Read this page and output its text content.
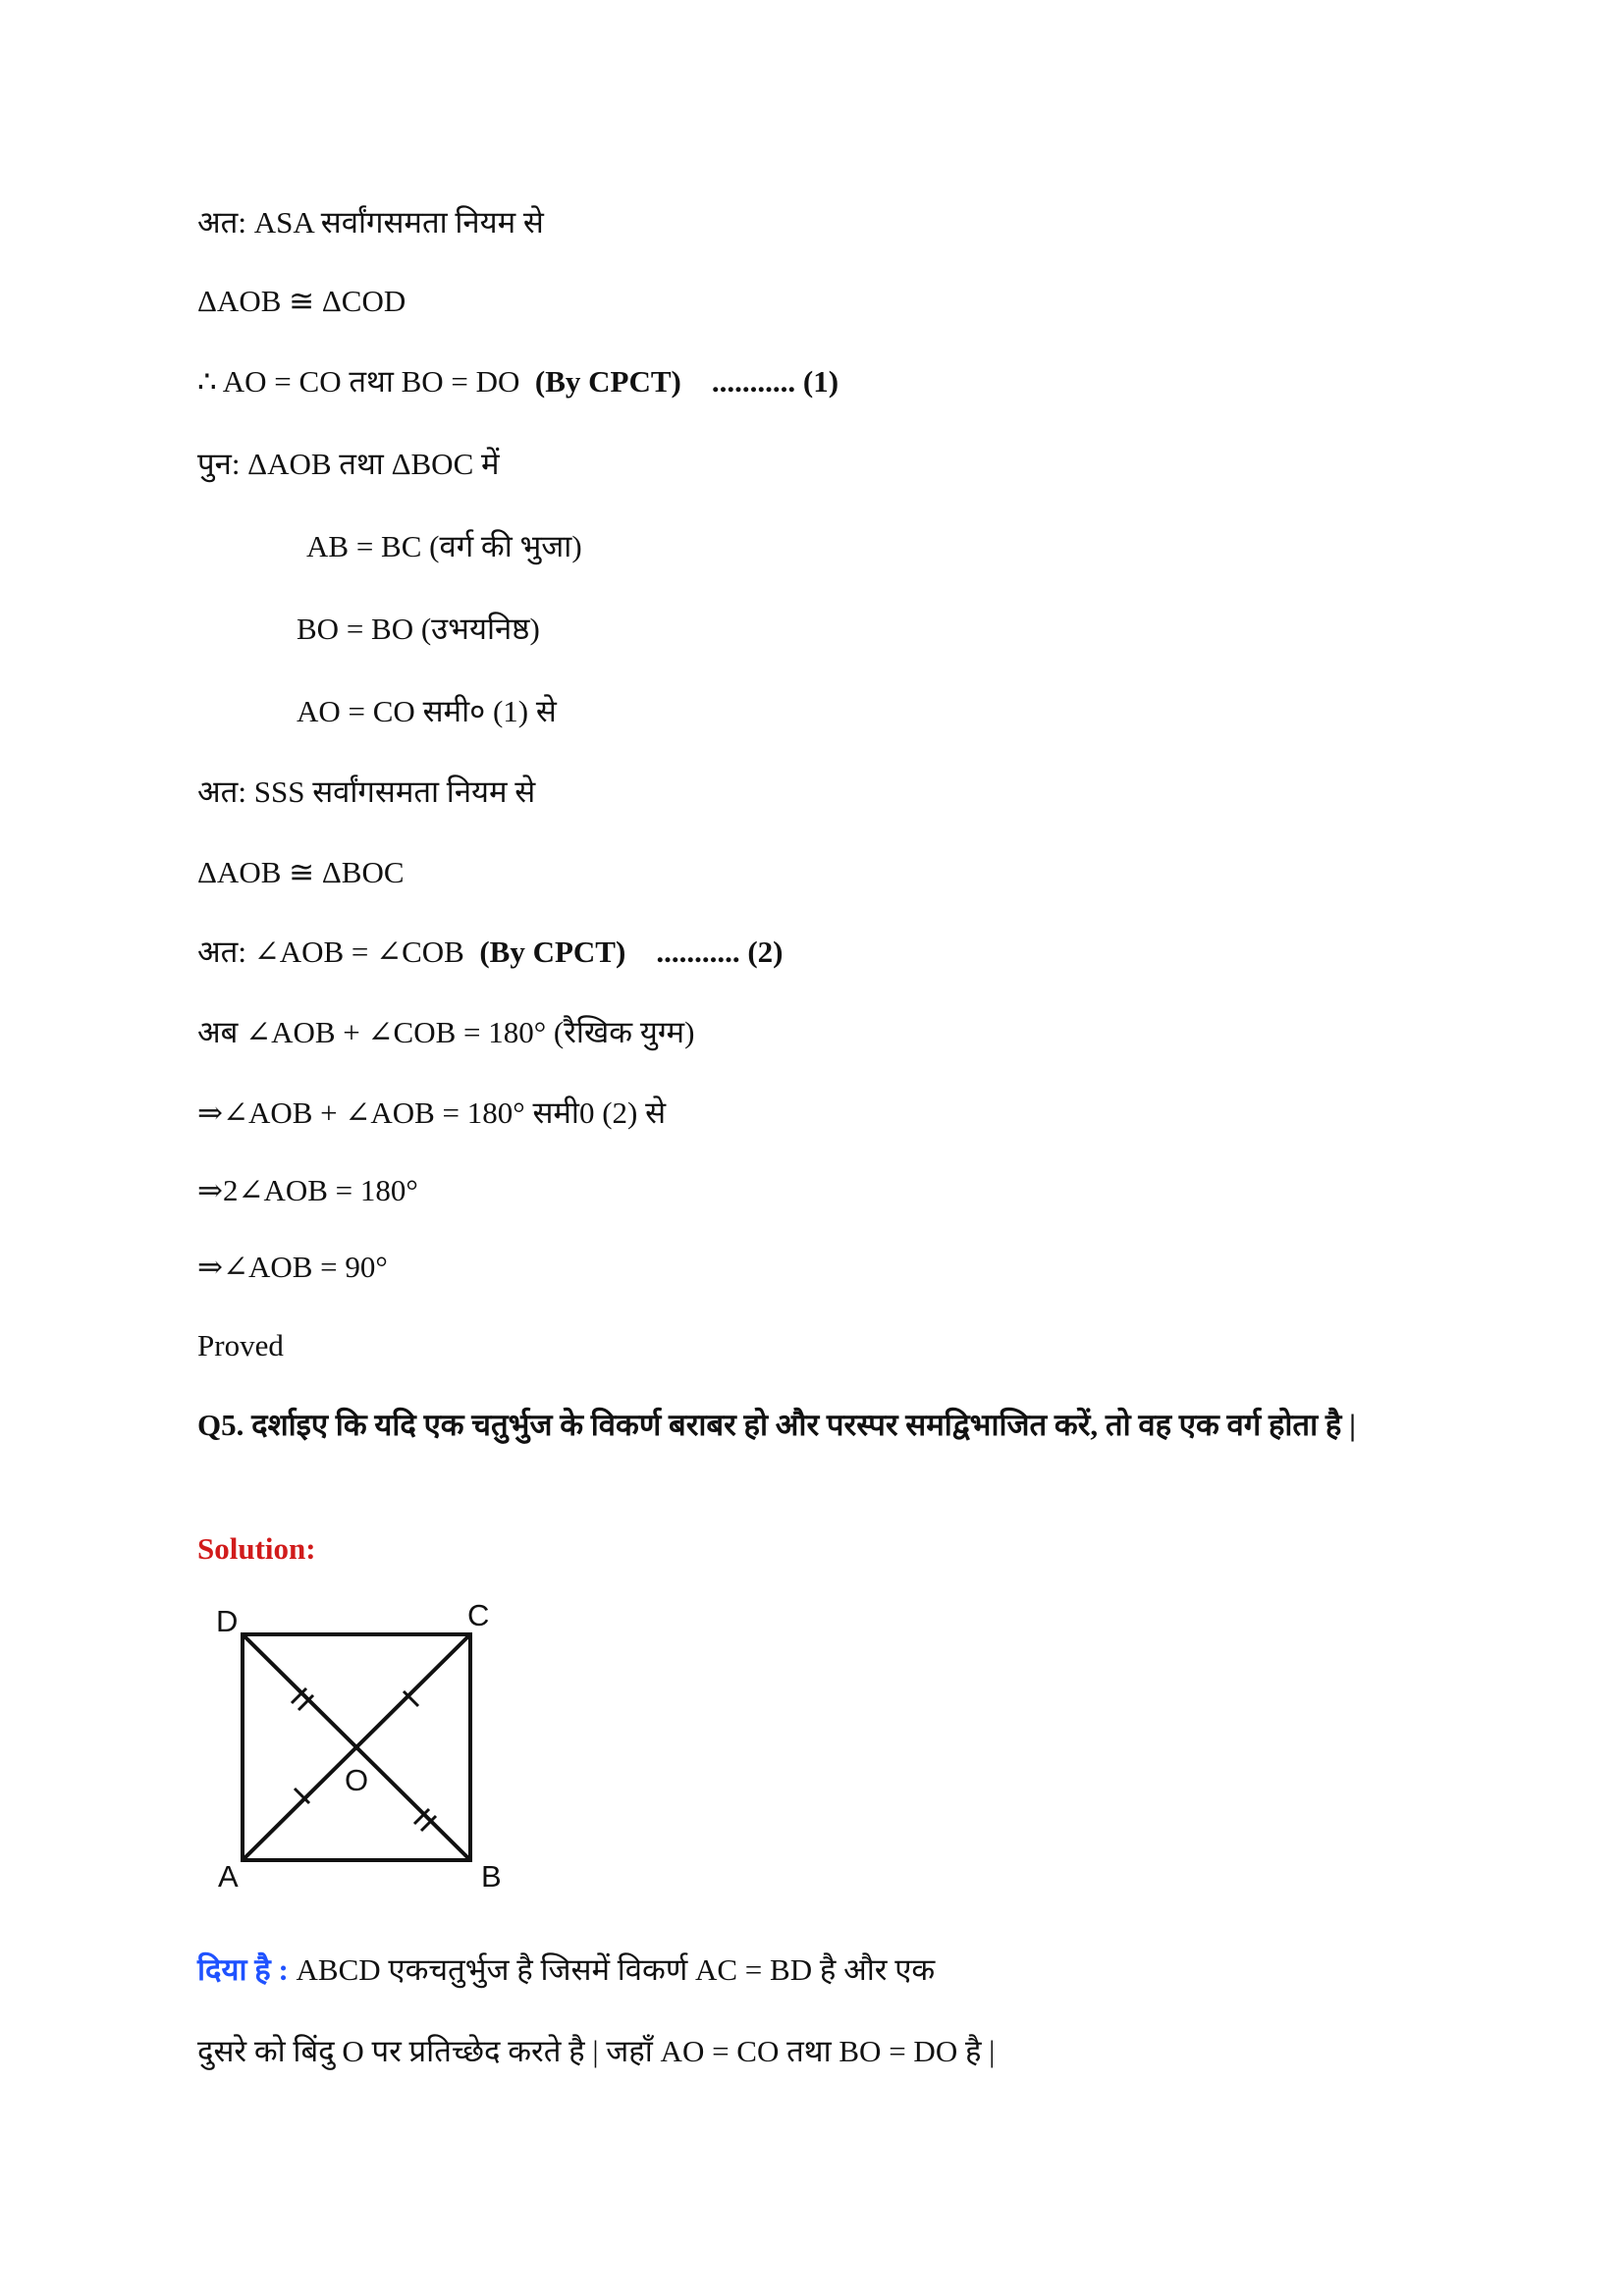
अत: ASA सर्वांगसमता नियम से
ΔAOB ≅ ΔCOD
∴ AO = CO तथा BO = DO (By CPCT) ........... (1)
पुन: ΔAOB तथा ΔBOC में
AB = BC (वर्ग की भुजा)
BO = BO (उभयनिष्ठ)
AO = CO समी० (1) से
अत: SSS सर्वांगसमता नियम से
ΔAOB ≅ ΔBOC
अत: ∠AOB = ∠COB (By CPCT) ........... (2)
अब ∠AOB + ∠COB = 180° (रैखिक युग्म)
⇒∠AOB + ∠AOB = 180° समी0 (2) से
⇒2∠AOB = 180°
⇒∠AOB = 90°
Proved
Q5. दर्शाइए कि यदि एक चतुर्भुज के विकर्ण बराबर हो और परस्पर समद्विभाजित करें, तो वह एक वर्ग होता है |
Solution:
D	C
A	B
O
दिया है : ABCD एकचतुर्भुज है जिसमें विकर्ण AC = BD है और एक
दुसरे को बिंदु O पर प्रतिच्छेद करते है | जहाँ AO = CO तथा BO = DO है |
